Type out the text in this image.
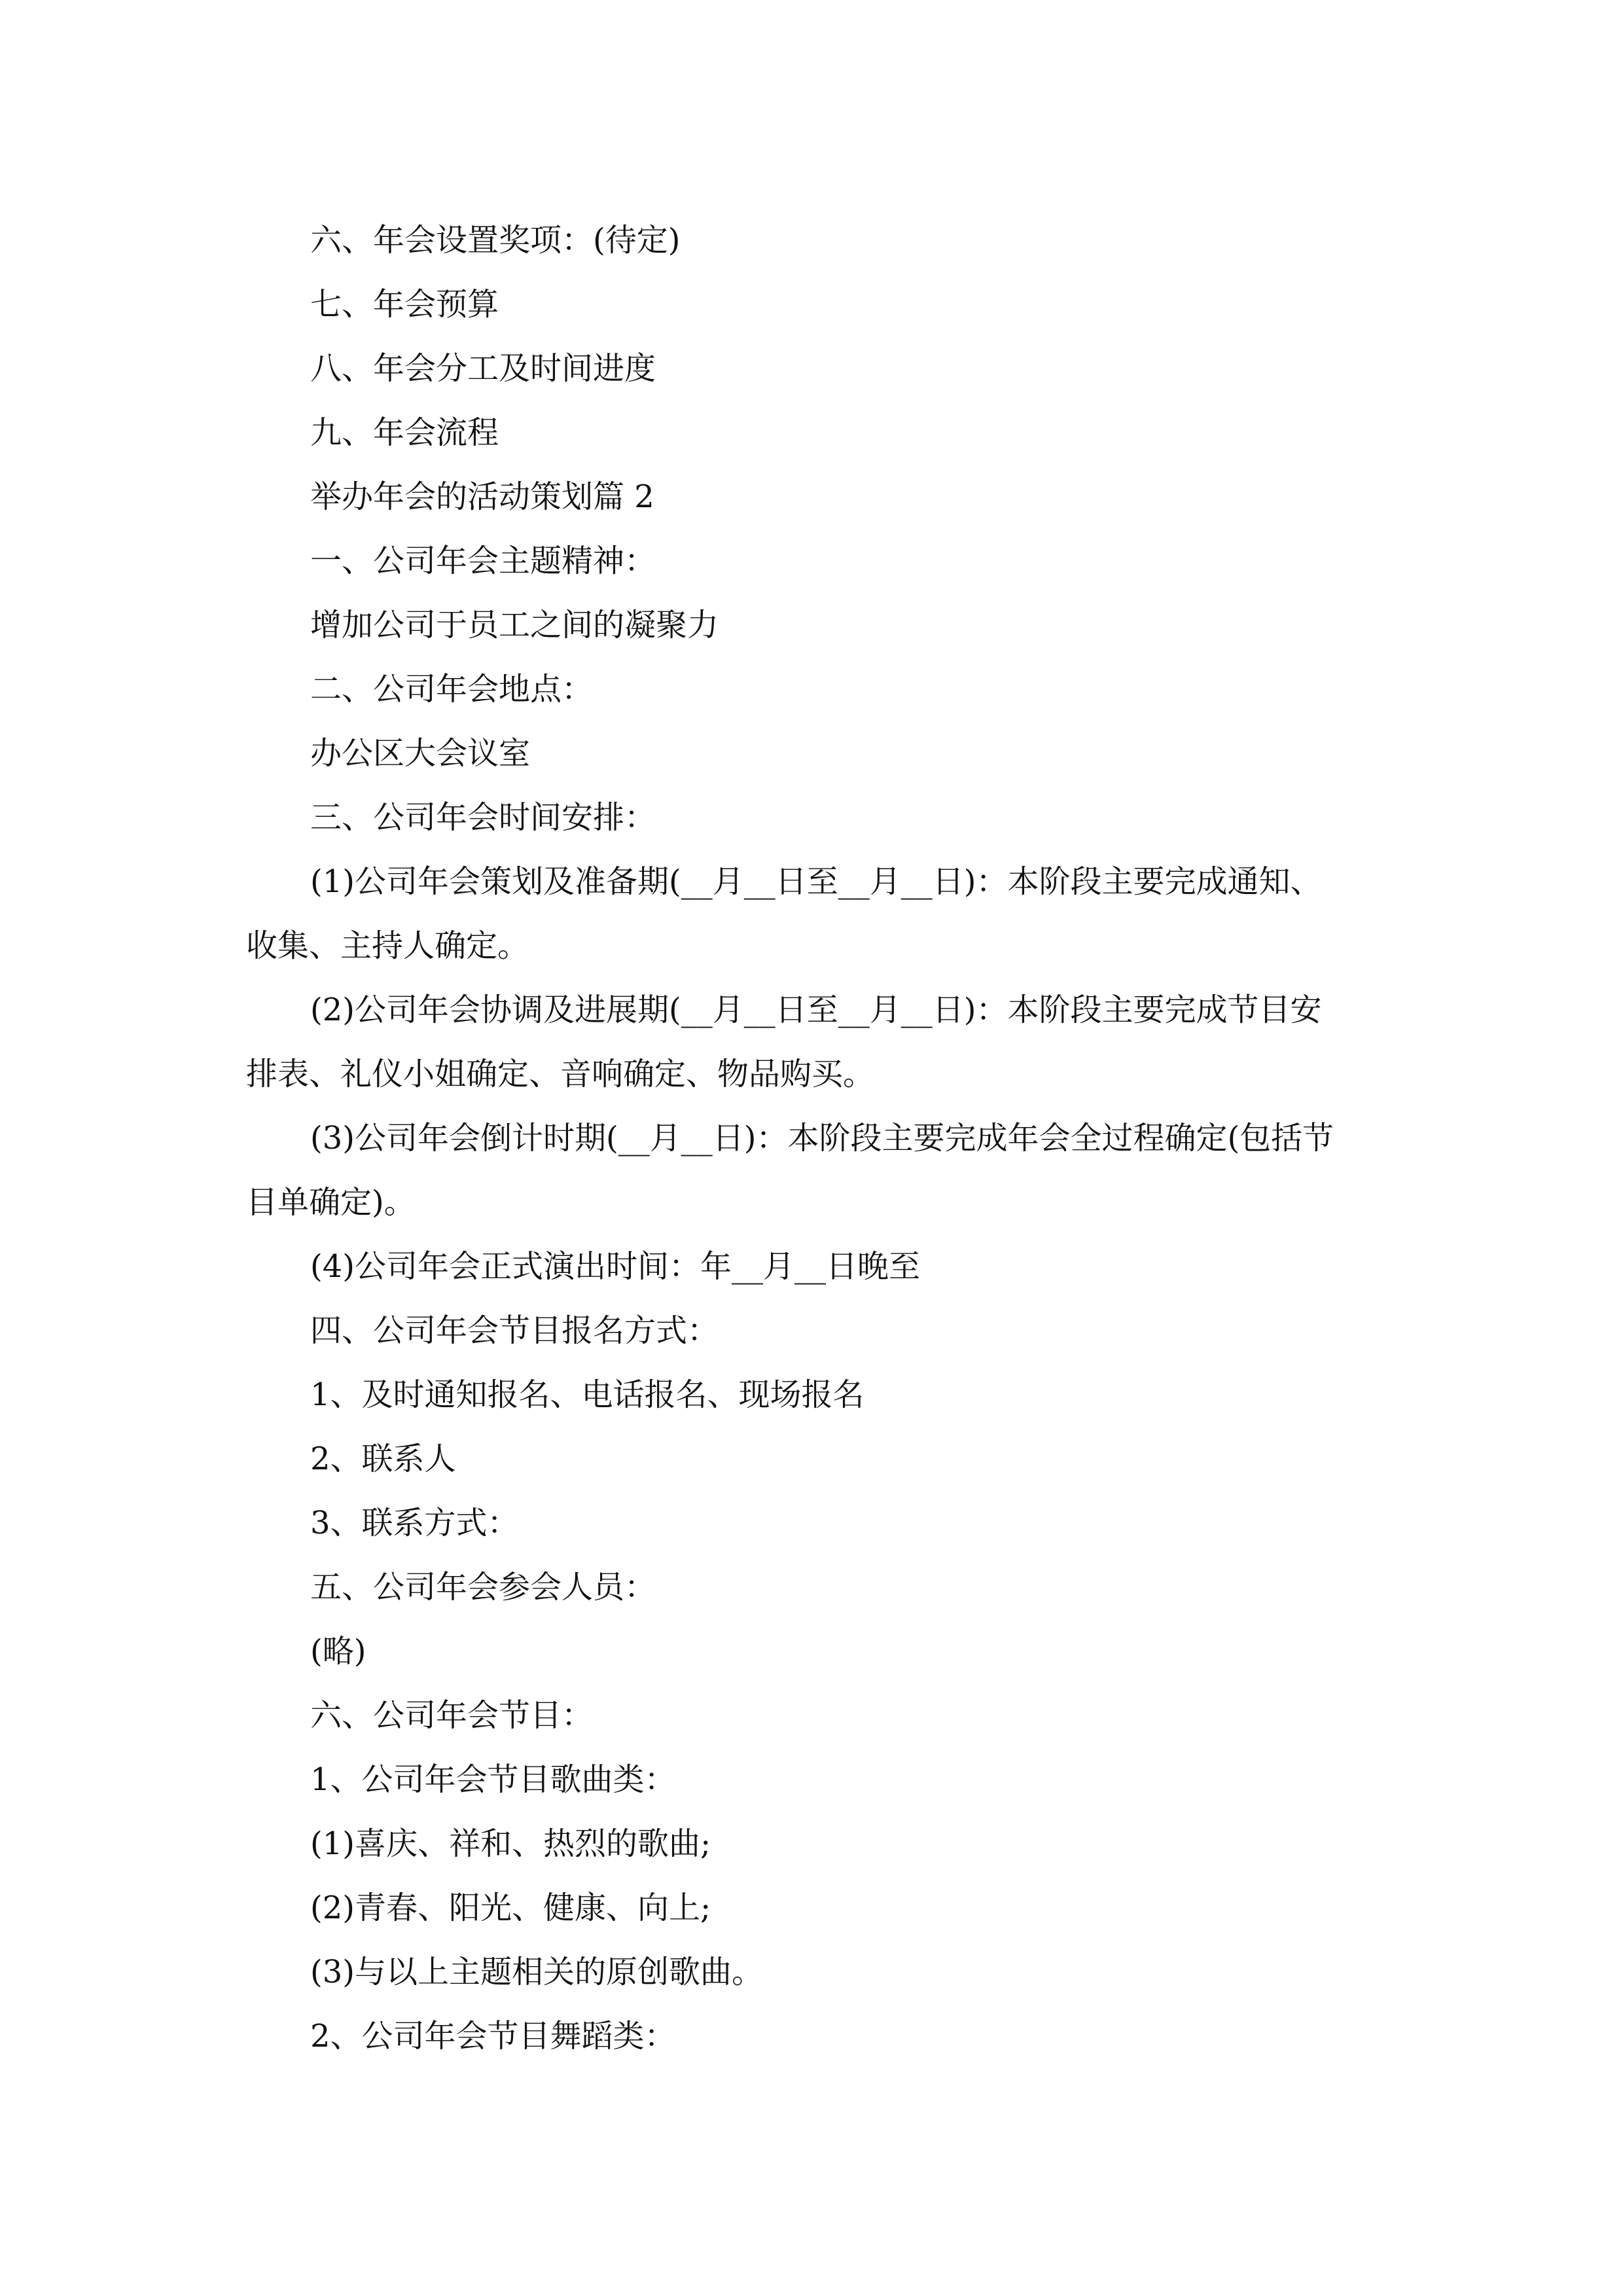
六、年会设置奖项：(待定)
七、年会预算
八、年会分工及时间进度
九、年会流程
举办年会的活动策划篇 2
一、公司年会主题精神：
增加公司于员工之间的凝聚力
二、公司年会地点：
办公区大会议室
三、公司年会时间安排：
(1)公司年会策划及准备期(__月__日至__月__日)：本阶段主要完成通知、
收集、主持人确定。
(2)公司年会协调及进展期(__月__日至__月__日)：本阶段主要完成节目安
排表、礼仪小姐确定、音响确定、物品购买。
(3)公司年会倒计时期(__月__日)：本阶段主要完成年会全过程确定(包括节
目单确定)。
(4)公司年会正式演出时间：年__月__日晚至
四、公司年会节目报名方式：
1、及时通知报名、电话报名、现场报名
2、联系人
3、联系方式：
五、公司年会参会人员：
(略)
六、公司年会节目：
1、公司年会节目歌曲类：
(1)喜庆、祥和、热烈的歌曲;
(2)青春、阳光、健康、向上;
(3)与以上主题相关的原创歌曲。
2、公司年会节目舞蹈类：
